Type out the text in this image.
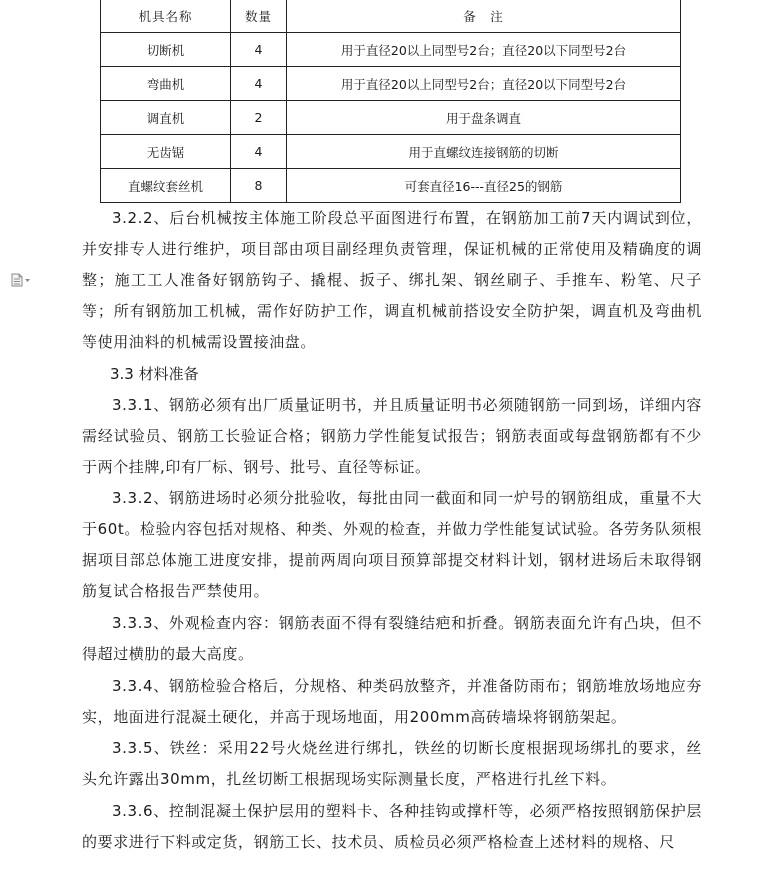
机具名称	数量	备　注
切断机	4	用于直径20以上同型号2台；直径20以下同型号2台
弯曲机	4	用于直径20以上同型号2台；直径20以下同型号2台
调直机	2	用于盘条调直
无齿锯	4	用于直螺纹连接钢筋的切断
直螺纹套丝机	8	可套直径16---直径25的钢筋

3.2.2、后台机械按主体施工阶段总平面图进行布置，在钢筋加工前7天内调试到位，并安排专人进行维护，项目部由项目副经理负责管理，保证机械的正常使用及精确度的调整；施工工人准备好钢筋钩子、撬棍、扳子、绑扎架、钢丝刷子、手推车、粉笔、尺子等；所有钢筋加工机械，需作好防护工作，调直机械前搭设安全防护架，调直机及弯曲机等使用油料的机械需设置接油盘。

3.3 材料准备

3.3.1、钢筋必须有出厂质量证明书，并且质量证明书必须随钢筋一同到场，详细内容需经试验员、钢筋工长验证合格；钢筋力学性能复试报告；钢筋表面或每盘钢筋都有不少于两个挂牌,印有厂标、钢号、批号、直径等标证。

3.3.2、钢筋进场时必须分批验收，每批由同一截面和同一炉号的钢筋组成，重量不大于60t。检验内容包括对规格、种类、外观的检查，并做力学性能复试试验。各劳务队须根据项目部总体施工进度安排，提前两周向项目预算部提交材料计划，钢材进场后未取得钢筋复试合格报告严禁使用。

3.3.3、外观检查内容：钢筋表面不得有裂缝结疤和折叠。钢筋表面允许有凸块，但不得超过横肋的最大高度。

3.3.4、钢筋检验合格后，分规格、种类码放整齐，并准备防雨布；钢筋堆放场地应夯实，地面进行混凝土硬化，并高于现场地面，用200mm高砖墙垛将钢筋架起。

3.3.5、铁丝：采用22号火烧丝进行绑扎，铁丝的切断长度根据现场绑扎的要求，丝头允许露出30mm，扎丝切断工根据现场实际测量长度，严格进行扎丝下料。

3.3.6、控制混凝土保护层用的塑料卡、各种挂钩或撑杆等，必须严格按照钢筋保护层的要求进行下料或定货，钢筋工长、技术员、质检员必须严格检查上述材料的规格、尺
